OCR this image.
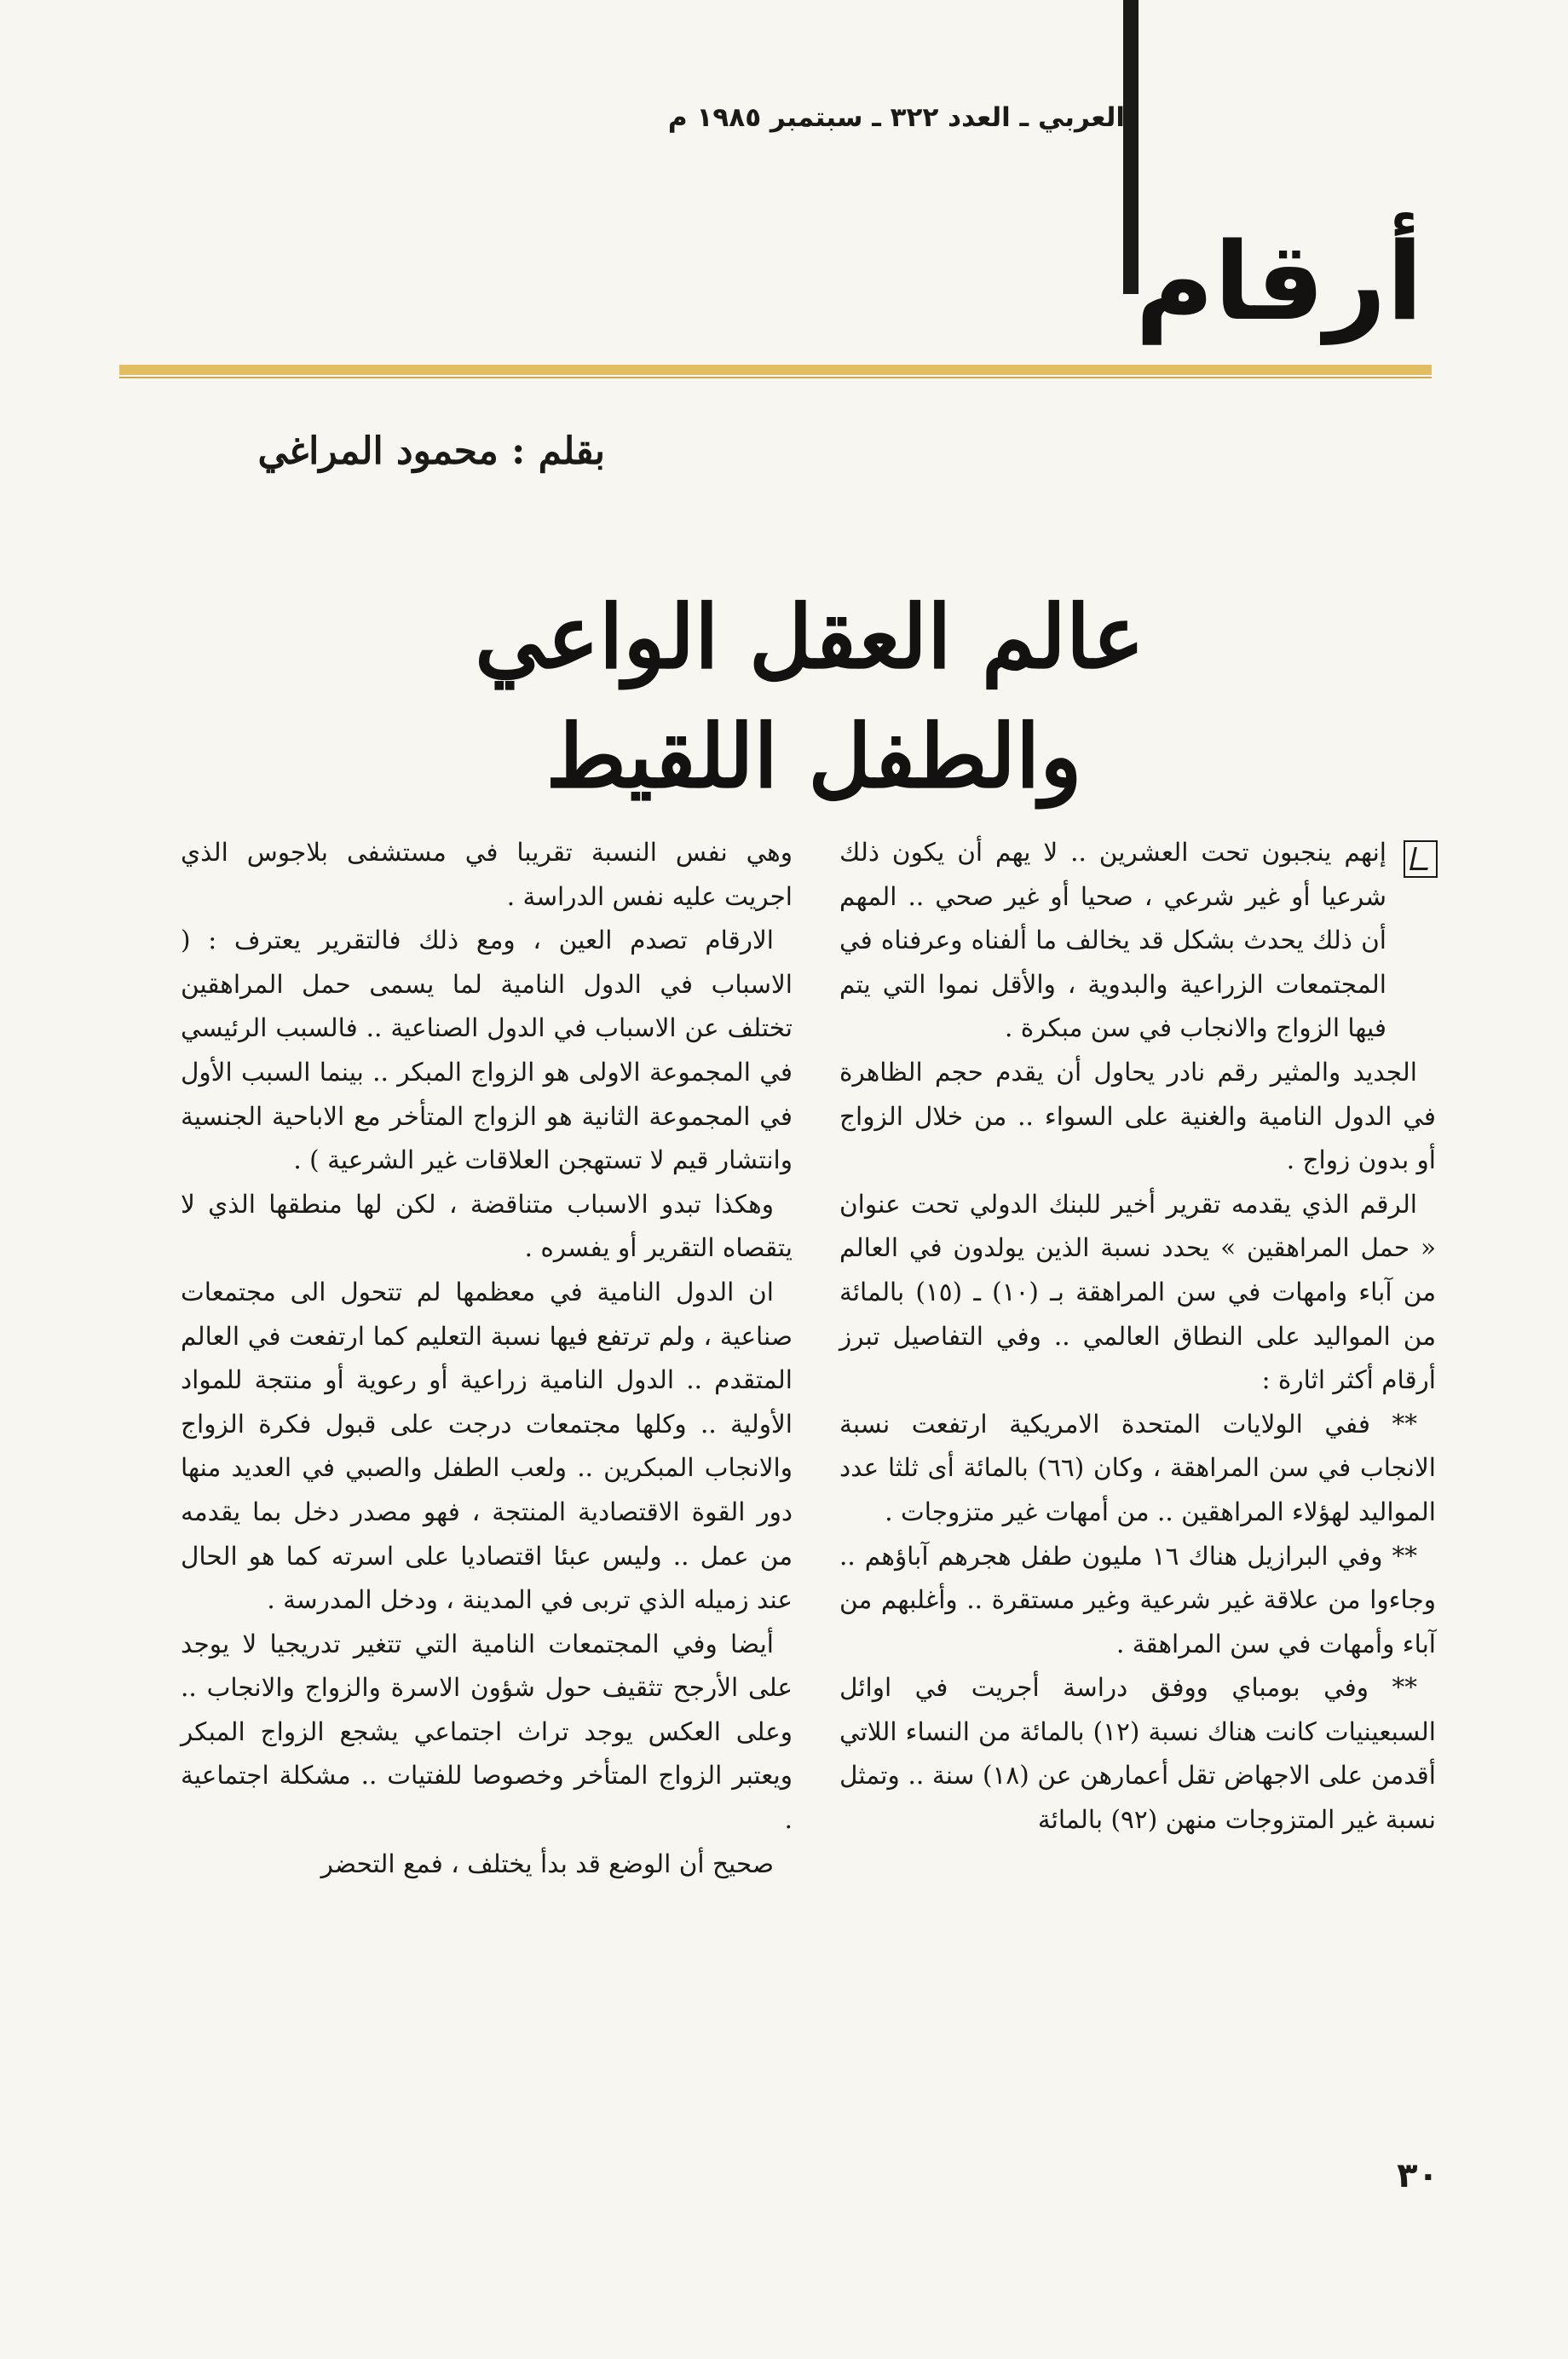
العربي ـ العدد ٣٢٢ ـ سبتمبر ١٩٨٥ م
أرقام
بقلم : محمود المراغي
عالم العقل الواعي
والطفل اللقيط

إنهم ينجبون تحت العشرين .. لا يهم أن يكون ذلك شرعيا أو غير شرعي ، صحيا أو غير صحي .. المهم أن ذلك يحدث بشكل قد يخالف ما ألفناه وعرفناه في المجتمعات الزراعية والبدوية ، والأقل نموا التي يتم فيها الزواج والانجاب في سن مبكرة .

الجديد والمثير رقم نادر يحاول أن يقدم حجم الظاهرة في الدول النامية والغنية على السواء .. من خلال الزواج أو بدون زواج .

الرقم الذي يقدمه تقرير أخير للبنك الدولي تحت عنوان « حمل المراهقين » يحدد نسبة الذين يولدون في العالم من آباء وامهات في سن المراهقة بـ (١٠) ـ (١٥) بالمائة من المواليد على النطاق العالمي .. وفي التفاصيل تبرز أرقام أكثر اثارة :

** ففي الولايات المتحدة الامريكية ارتفعت نسبة الانجاب في سن المراهقة ، وكان (٦٦) بالمائة أى ثلثا عدد المواليد لهؤلاء المراهقين .. من أمهات غير متزوجات .

** وفي البرازيل هناك ١٦ مليون طفل هجرهم آباؤهم .. وجاءوا من علاقة غير شرعية وغير مستقرة .. وأغلبهم من آباء وأمهات في سن المراهقة .

** وفي بومباي ووفق دراسة أجريت في اوائل السبعينيات كانت هناك نسبة (١٢) بالمائة من النساء اللاتي أقدمن على الاجهاض تقل أعمارهن عن (١٨) سنة .. وتمثل نسبة غير المتزوجات منهن (٩٢) بالمائة

وهي نفس النسبة تقريبا في مستشفى بلاجوس الذي اجريت عليه نفس الدراسة .

الارقام تصدم العين ، ومع ذلك فالتقرير يعترف : ( الاسباب في الدول النامية لما يسمى حمل المراهقين تختلف عن الاسباب في الدول الصناعية .. فالسبب الرئيسي في المجموعة الاولى هو الزواج المبكر .. بينما السبب الأول في المجموعة الثانية هو الزواج المتأخر مع الاباحية الجنسية وانتشار قيم لا تستهجن العلاقات غير الشرعية ) .

وهكذا تبدو الاسباب متناقضة ، لكن لها منطقها الذي لا يتقصاه التقرير أو يفسره .

ان الدول النامية في معظمها لم تتحول الى مجتمعات صناعية ، ولم ترتفع فيها نسبة التعليم كما ارتفعت في العالم المتقدم .. الدول النامية زراعية أو رعوية أو منتجة للمواد الأولية .. وكلها مجتمعات درجت على قبول فكرة الزواج والانجاب المبكرين .. ولعب الطفل والصبي في العديد منها دور القوة الاقتصادية المنتجة ، فهو مصدر دخل بما يقدمه من عمل .. وليس عبئا اقتصاديا على اسرته كما هو الحال عند زميله الذي تربى في المدينة ، ودخل المدرسة .

أيضا وفي المجتمعات النامية التي تتغير تدريجيا لا يوجد على الأرجح تثقيف حول شؤون الاسرة والزواج والانجاب .. وعلى العكس يوجد تراث اجتماعي يشجع الزواج المبكر ويعتبر الزواج المتأخر وخصوصا للفتيات .. مشكلة اجتماعية .

صحيح أن الوضع قد بدأ يختلف ، فمع التحضر

٣٠
